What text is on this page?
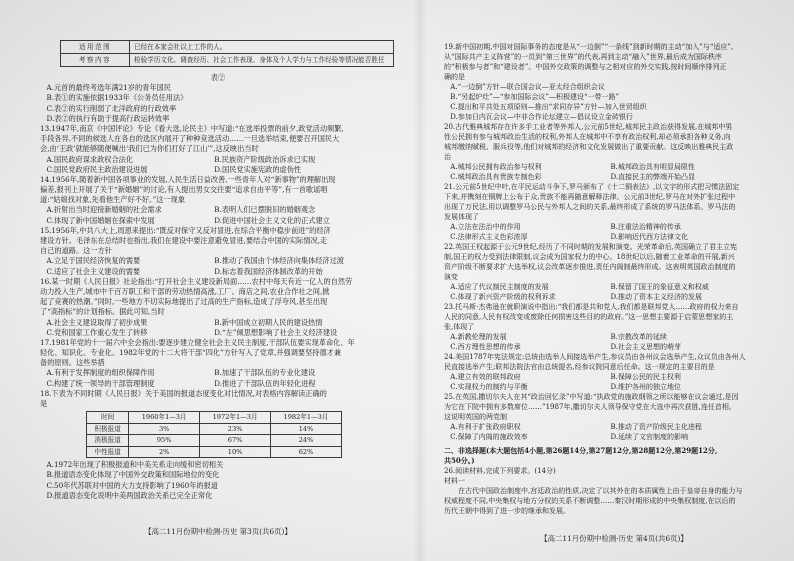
适用范围	已经在本家会社以上工作的人。
考察内容	检验学历文化、调查经历、社会工作表现、身体及个人学力与工作经验等情况能否胜任
表②
A.元首的最终考选年满21岁的青年国民
B.表①的实施依据1933年《公务员任用法》
C.表②的实行削弱了北洋政府的行政效率
D.表②的执行有助于提高行政运转效率
13.1947年,南京《中国评论》专论《看大选,论民主》中写道:“在选举投票的前夕,政党活动频繁,
手段各异,不同的候选人在各自的选区内展开了种种竞选活动……一旦选举结束,便要召开国民大
会,由‘王政’就能够随便喊出‘我们已为你们打好了江山’”,这反映出当时
A.国民政府谋求政权合法化	B.民族资产阶级政治诉求已实现
C.国民党政府民主政治建设进展	D.国民党实施宪政的虚伪性
14.1956年,随着新中国各项事业的发展,人民生活日益改善,一些青年人对“新事物”的理解出现
偏差,报刊上开展了关于“新婚姻”的讨论,有人提出男女交往要“追求自由平等”,有一首歌谣唱
道:“姑娘找对象,先看他生产好不好。”这一现象
A.折射出当时迎接新婚姻的社会需求	B.表明人们已摆脱旧的婚姻观念
C.体现了新中国婚姻在探索中发展	D.促进中国社会主义文化的正式建立
15.1956年,中共八大上,周恩来提出:“既反对保守又反对冒进,在综合平衡中稳步前进”的经济
建设方针。毛泽东在总结时也指出,我们在建设中要注意避免冒进,要结合中国的实际情况,走
自己的道路。这一方针
A.立足于国民经济恢复的需要	B.推动了我国由个体经济向集体经济过渡
C.适应了社会主义建设的需要	D.标志着我国经济体制改革的开始
16.某一时期《人民日报》社论指出:“打开社会主义建设新局面……农村中每天有近一亿人的自然劳
动力投入生产,城市中千百万职工和干部的劳动热情高涨,工厂、商店之间,农业合作社之间,掀
起了竞赛的热潮。”同时,一些地方不切实际地提出了过高的生产指标,造成了浮夸风,甚至出现
了“高指标”的计划指标。据此可知,当时
A.社会主义建设取得了初步成果	B.新中国成立初期人民的建设热情
C.党和国家工作重心发生了转移	D.“左”倾思想影响了社会主义经济建设
17.1981年党的十一届六中全会指出:要逐步建立健全社会主义民主制度,干部队伍要实现革命化、年
轻化、知识化、专业化。1982年党的十二大将干部“四化”方针写入了党章,并强调要坚持德才兼
备的原则。这些举措
A.有利于发挥制度的组织保障作用	B.加速了干部队伍的专业化建设
C.构建了统一领导的干部管理制度	D.推进了干部队伍的年轻化进程
18.下表为不同时期《人民日报》关于美国的报道态度变化对比情况,对表格内容解读正确的
是
时间	1960年1—3月	1972年1—3月	1982年1—3月
积极报道	3%	23%	14%
消极报道	95%	67%	24%
中性报道	2%	10%	62%
A.1972年出现了积极报道和中美关系走向缓和密切相关
B.报道语态变化体现了中国外交政策和国际地位的变化
C.50年代苏联对中国的大力支持影响了1960年的报道
D.报道语态变化说明中美两国政治关系已完全正常化
19.新中国初期,中国对国际事务的态度是从“一边倒”“一条线”到新时期的主动“加入”与“适应”,
从“国际共产主义阵营”的一员到“第三世界”的代表,再到主动“融入”世界,最后成为国际秩序
的“积极参与者”和“建设者”。中国外交政策的调整与之相对应的外交实践,按时间顺序排列正
确的是
A.“一边倒”方针—联合国会议—亚太经合组织会议
B.“另起炉灶”—“参加国际会议”—积极建设“一带一路”
C.提出和平共处五项原则—推出“求同存异”方针—加入世贸组织
D.参加日内瓦会议—中非合作论坛建立—倡议设立金砖银行
20.古代雅典城邦存在许多手工业者等外邦人,公元前5世纪,城邦民主政治获得发展,在城邦中男
性公民拥有参与城邦政治生活的权利,外邦人在城邦中不享有政治权利,却必须承担各种义务,向
城邦缴纳赋税、服兵役等,他们对城邦的经济和文化发展做出了重要贡献。这反映出雅典民主政
治
A.城邦公民拥有政治参与权利	B.城邦政治具有明显局限性
C.城邦政治具有贵族专制色彩	D.直接民主的弊端开始凸显
21.公元前5世纪中叶,在平民运动斗争下,罗马颁布了《十二铜表法》,以文字的形式把习惯法固定
下来,并镌刻在铜牌上公布于众,贵族不能再随意解释法律。公元前3世纪,罗马在对外扩张过程中
出现了万民法,用以调整罗马公民与外邦人之间的关系,最终形成了系统的罗马法体系。罗马法的
发展体现了
A.立法在法治中的作用	B.注重法治精神的传承
C.法律形式主义色彩浓厚	D.影响近代西方法律文化
22.英国王权起源于公元9世纪,经历了不同时期的发展和演变。光荣革命后,英国确立了君主立宪
制,国王的权力受到法律限制,议会成为国家权力的中心。18世纪以后,随着工业革命的开展,新兴
资产阶级不断要求扩大选举权,议会改革逐步推进,责任内阁制最终形成。这表明英国政治制度的
演变
A.适应了代议制民主制度的发展	B.保留了国王的象征意义和权威
C.体现了新兴资产阶级的权利诉求	D.推动了资本主义经济的发展
23.托马斯·杰弗逊在就职演说中指出:“我们都是共和党人,我们都是联邦党人……政府的权力来自
人民的同意,人民有权改变或废除任何损害这些目的的政府。”这一思想主要源于启蒙思想家的主
张,体现了
A.新教伦理的发展	B.宗教改革的延续
C.西方理性思想的传承	D.社会主义思想的萌芽
24.美国1787年宪法规定:总统由选举人间接选举产生,参议员由各州议会选举产生,众议员由各州人
民直接选举产生;联邦法院法官由总统提名,经参议院同意后任命。这一规定的主要目的是
A.建立有效的联邦政府	B.保障公民的民主权利
C.实现权力的制约与平衡	D.维护各州的独立地位
25.在英国,撒切尔夫人在其“政治回忆录”中写道:“执政党的施政纲领之所以能够在议会通过,是因
为它在下院中拥有多数席位……”1987年,撒切尔夫人领导保守党在大选中再次获胜,连任首相。
这说明英国的两党制
A.有利于扩张政府职权	B.推动了资产阶级民主化进程
C.保障了内阁的施政效率	D.延续了文官制度的影响
二、非选择题(本大题包括4小题,第26题14分,第27题12分,第28题12分,第29题12分,
共50分。)
26.阅读材料,完成下列要求。(14分)
材料一
　　在古代中国政治制度中,宫廷政治的性质,决定了以其外在的本质属性上由于皇帝自身的能力与
权威程度不同,中央集权与地方分权的关系不断调整……秦汉时期形成的中央集权制度,在以后的
历代王朝中得到了进一步的继承和发展。
【高二11月份期中检测·历史 第3页(共6页)】
【高二11月份期中检测·历史 第4页(共6页)】
